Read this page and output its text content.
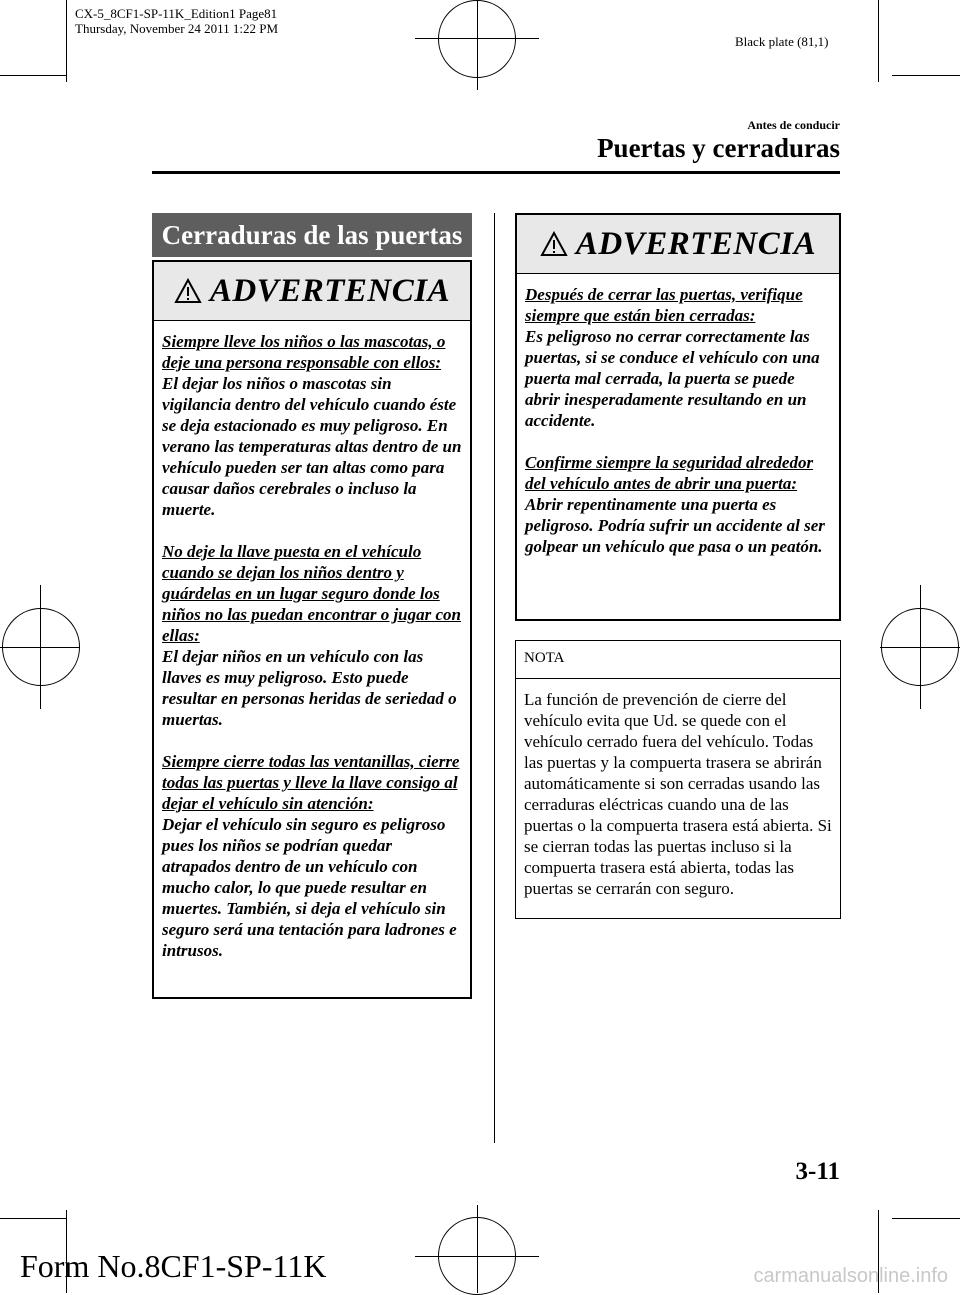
CX-5_8CF1-SP-11K_Edition1 Page81
Thursday, November 24 2011 1:22 PM
Black plate (81,1)
Antes de conducir
Puertas y cerraduras
Cerraduras de las puertas
ADVERTENCIA

Siempre lleve los niños o las mascotas, o deje una persona responsable con ellos:
El dejar los niños o mascotas sin vigilancia dentro del vehículo cuando éste se deja estacionado es muy peligroso. En verano las temperaturas altas dentro de un vehículo pueden ser tan altas como para causar daños cerebrales o incluso la muerte.

No deje la llave puesta en el vehículo cuando se dejan los niños dentro y guárdelas en un lugar seguro donde los niños no las puedan encontrar o jugar con ellas:
El dejar niños en un vehículo con las llaves es muy peligroso. Esto puede resultar en personas heridas de seriedad o muertas.

Siempre cierre todas las ventanillas, cierre todas las puertas y lleve la llave consigo al dejar el vehículo sin atención:
Dejar el vehículo sin seguro es peligroso pues los niños se podrían quedar atrapados dentro de un vehículo con mucho calor, lo que puede resultar en muertes. También, si deja el vehículo sin seguro será una tentación para ladrones e intrusos.

ADVERTENCIA

Después de cerrar las puertas, verifique siempre que están bien cerradas:
Es peligroso no cerrar correctamente las puertas, si se conduce el vehículo con una puerta mal cerrada, la puerta se puede abrir inesperadamente resultando en un accidente.

Confirme siempre la seguridad alrededor del vehículo antes de abrir una puerta:
Abrir repentinamente una puerta es peligroso. Podría sufrir un accidente al ser golpear un vehículo que pasa o un peatón.

NOTA
La función de prevención de cierre del vehículo evita que Ud. se quede con el vehículo cerrado fuera del vehículo. Todas las puertas y la compuerta trasera se abrirán automáticamente si son cerradas usando las cerraduras eléctricas cuando una de las puertas o la compuerta trasera está abierta. Si se cierran todas las puertas incluso si la compuerta trasera está abierta, todas las puertas se cerrarán con seguro.
3-11
Form No.8CF1-SP-11K	carmanualsonline.info
